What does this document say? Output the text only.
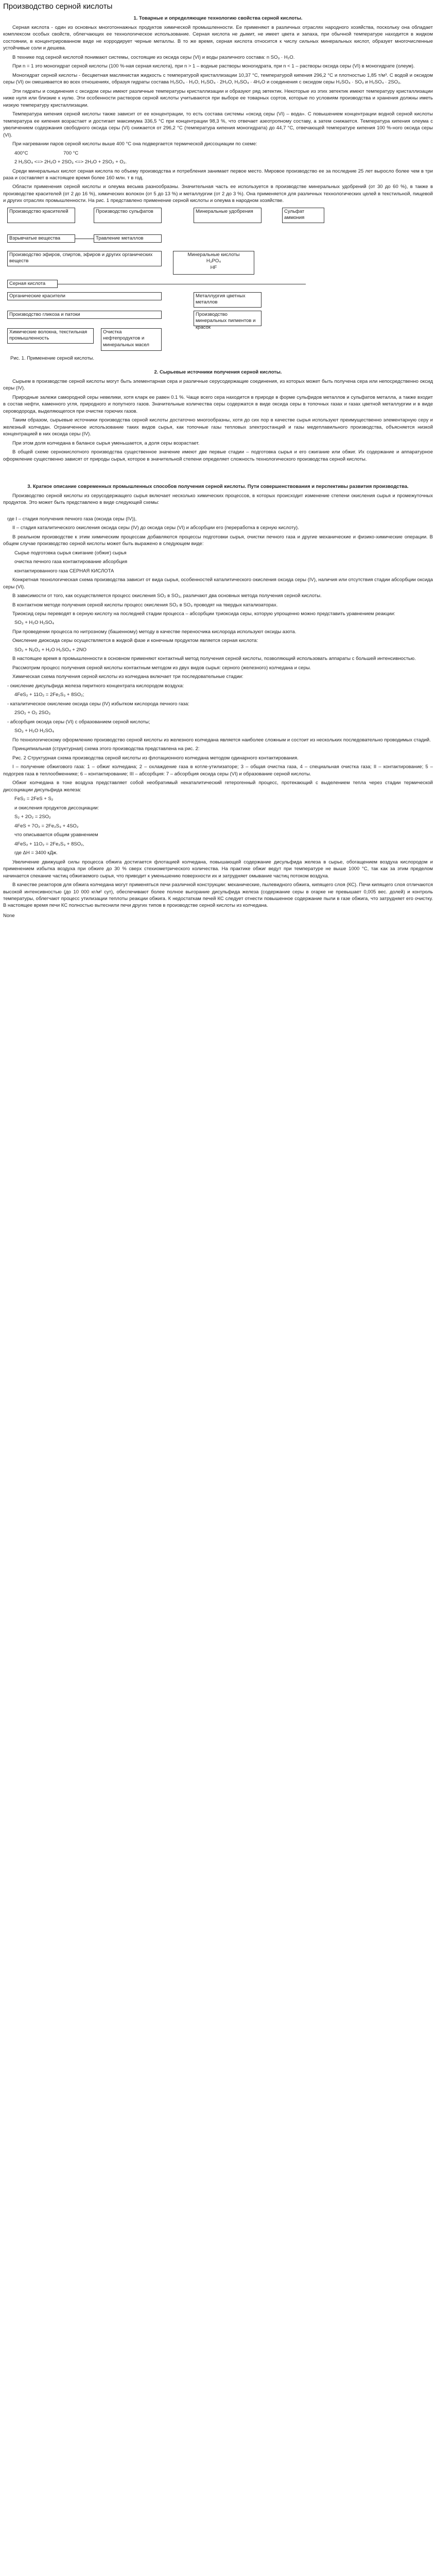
Производство серной кислоты
1. Товарные и определяющие технологию свойства серной кислоты.

Серная кислота - один из основных многотоннажных продуктов химической промышленности. Ее применяют в различных отраслях народного хозяйства, поскольку она обладает комплексом особых свойств, облегчающих ее технологическое использование. Серная кислота не дымит, не имеет цвета и запаха, при обычной температуре находится в жидком состоянии, в концентрированном виде не корродирует черные металлы. В то же время, серная кислота относится к числу сильных минеральных кислот, образует многочисленные устойчивые соли и дешева.

В технике под серной кислотой понимают системы, состоящие из оксида серы (VI) и воды различного состава: n SO₃ · H₂O.

При n = 1 это моногидрат серной кислоты (100 %-ная серная кислота), при n > 1 – водные растворы моногидрата, при n < 1 – растворы оксида серы (VI) в моногидрате (олеум).

Моногидрат серной кислоты - бесцветная маслянистая жидкость с температурой кристаллизации 10,37 °С, температурой кипения 296,2 °С и плотностью 1,85 т/м³. С водой и оксидом серы (VI) он смешивается во всех отношениях, образуя гидраты состава H₂SO₄ · H₂O, H₂SO₄ · 2H₂O, H₂SO₄ · 4H₂O и соединения с оксидом серы H₂SO₄ · SO₃ и H₂SO₄ · 2SO₃.

Эти гидраты и соединения с оксидом серы имеют различные температуры кристаллизации и образуют ряд эвтектик. Некоторые из этих эвтектик имеют температуру кристаллизации ниже нуля или близкие к нулю. Эти особенности растворов серной кислоты учитываются при выборе ее товарных сортов, которые по условиям производства и хранения должны иметь низкую температуру кристаллизации.

Температура кипения серной кислоты также зависит от ее концентрации, то есть состава системы «оксид серы (VI) – вода». С повышением концентрации водной серной кислоты температура ее кипения возрастает и достигает максимума 336,5 °С при концентрации 98,3 %, что отвечает азеотропному составу, а затем снижается. Температура кипения олеума с увеличением содержания свободного оксида серы (VI) снижается от 296,2 °С (температура кипения моногидрата) до 44,7 °С, отвечающей температуре кипения 100 %-ного оксида серы (VI).

При нагревании паров серной кислоты выше 400 °С она подвергается термической диссоциации по схеме:

400°С                          700 °С

2 H₂SO₄ <=> 2H₂O + 2SO₃ <=> 2H₂O + 2SO₂ + O₂.

Среди минеральных кислот серная кислота по объему производства и потребления занимает первое место. Мировое производство ее за последние 25 лет выросло более чем в три раза и составляет в настоящее время более 160 млн. т в год.

Области применения серной кислоты и олеума весьма разнообразны. Значительная часть ее используется в производстве минеральных удобрений (от 30 до 60 %), в также в производстве красителей (от 2 до 16 %), химических волокон (от 5 до 13 %) и металлургии (от 2 до 3 %). Она применяется для различных технологических целей в текстильной, пищевой и других отраслях промышленности. На рис. 1 представлено применение серной кислоты и олеума в народном хозяйстве.

Производство красителей	Производство сульфатов	Минеральные удобрения	Сульфат аммония
Взрывчатые вещества	Травление металлов
Производство эфиров, спиртов, эфиров и других органических веществ
Минеральные кислоты
H₃PO₄
HF
Серная кислота
Органические красители	Металлургия цветных металлов
Производство гликоза и патоки	Производство минеральных пигментов и красок
Химические волокна, текстильная промышленность
Очистка нефтепродуктов и минеральных масел

Рис. 1. Применение серной кислоты.

2. Сырьевые источники получения серной кислоты.

Сырьем в производстве серной кислоты могут быть элементарная сера и различные серусодержащие соединения, из которых может быть получена сера или непосредственно оксид серы (IV).

Природные залежи самородной серы невелики, хотя кларк ее равен 0.1 %. Чаще всего сера находится в природе в форме сульфидов металлов и сульфатов металла, а также входит в состав нефти, каменного угля, природного и попутного газов. Значительные количества серы содержатся в виде оксида серы в топочных газах и газах цветной металлургии и в виде сероводорода, выделяющегося при очистке горючих газов.

Таким образом, сырьевые источники производства серной кислоты достаточно многообразны, хотя до сих пор в качестве сырья используют преимущественно элементарную серу и железный колчедан. Ограниченное использование таких видов сырья, как топочные газы тепловых электростанций и газы медеплавильного производства, объясняется низкой концентрацией в них оксида серы (IV).

При этом доля колчедана в балансе сырья уменьшается, а доля серы возрастает.

В общей схеме сернокислотного производства существенное значение имеют две первые стадии – подготовка сырья и его сжигание или обжиг. Их содержание и аппаратурное оформление существенно зависят от природы сырья, которое в значительной степени определяет сложность технологического производства серной кислоты.

3. Краткое описание современных промышленных способов получения серной кислоты. Пути совершенствования и перспективы развития производства.

Производство серной кислоты из серусодержащего сырья включает несколько химических процессов, в которых происходит изменение степени окисления сырья и промежуточных продуктов. Это может быть представлено в виде следующей схемы:

где I – стадия получения печного газа (оксида серы (IV)),

II – стадия каталитического окисления оксида серы (IV) до оксида серы (VI) и абсорбции его (переработка в серную кислоту).

В реальном производстве к этим химическим процессам добавляются процессы подготовки сырья, очистки печного газа и другие механические и физико-химические операции. В общем случае производство серной кислоты может быть выражено в следующем виде:

Сырье подготовка сырья сжигание (обжиг) сырья

очистка печного газа контактирование абсорбция

контактированного газа СЕРНАЯ КИСЛОТА

Конкретная технологическая схема производства зависит от вида сырья, особенностей каталитического окисления оксида серы (IV), наличия или отсутствия стадии абсорбции оксида серы (VI).

В зависимости от того, как осуществляется процесс окисления SO₂ в SO₃, различают два основных метода получения серной кислоты.

В контактном методе получения серной кислоты процесс окисления SO₂ в SO₃ проводят на твердых катализаторах.

Триоксид серы переводят в серную кислоту на последней стадии процесса – абсорбции триоксида серы, которую упрощенно можно представить уравнением реакции:

SO₃ + H₂O H₂SO₄

При проведении процесса по нитрозному (башенному) методу в качестве переносчика кислорода используют оксиды азота.

Окисление диоксида серы осуществляется в жидкой фазе и конечным продуктом является серная кислота:

SO₂ + N₂O₃ + H₂O H₂SO₄ + 2NO

В настоящее время в промышленности в основном применяют контактный метод получения серной кислоты, позволяющий использовать аппараты с большей интенсивностью.

Рассмотрим процесс получения серной кислоты контактным методом из двух видов сырья: серного (железного) колчедана и серы.

Химическая схема получения серной кислоты из колчедана включает три последовательные стадии:

- окисление дисульфида железа пиритного концентрата кислородом воздуха:

4FeS₂ + 11O₂ = 2Fe₂S₃ + 8SO₂;

- каталитическое окисление оксида серы (IV) избытком кислорода печного газа:

2SO₂ + O₂ 2SO₃

- абсорбция оксида серы (VI) с образованием серной кислоты;

SO₃ + H₂O H₂SO₄

По технологическому оформлению производство серной кислоты из железного колчедана является наиболее сложным и состоит из нескольких последовательно проводимых стадий.

Принципиальная (структурная) схема этого производства представлена на рис. 2:

Рис. 2 Структурная схема производства серной кислоты из флотационного колчедана методом одинарного контактирования.

I – получение обжигового газа: 1 – обжиг колчедана; 2 – охлаждение газа в котле-утилизаторе; 3 – общая очистка газа, 4 – специальная очистка газа; II – контактирование; 5 – подогрев газа в теплообменнике; 6 – контактирование; III – абсорбция: 7 – абсорбция оксида серы (VI) и образование серной кислоты.

Обжиг колчедана в токе воздуха представляет собой необратимый некаталитический гетерогенный процесс, протекающий с выделением тепла через стадии термической диссоциации дисульфида железа:

FeS₂ = 2FeS + S₂

и окисления продуктов диссоциации:

S₂ + 2O₂ = 2SO₂

4FeS + 7O₂ = 2Fe₂S₃ + 4SO₂

что описывается общим уравнением

4FeS₂ + 11O₂ = 2Fe₂S₃ + 8SO₂,

где ΔН = 3400 кДж.

Увеличение движущей силы процесса обжига достигается флотацией колчедана, повышающей содержание дисульфида железа в сырье, обогащением воздуха кислородом и применением избытка воздуха при обжиге до 30 % сверх стехиометрического количества. На практике обжиг ведут при температуре не выше 1000 °С, так как за этим пределом начинается спекание частиц обжигаемого сырья, что приводит к уменьшению поверхности их и затрудняет омывание частиц потоком воздуха.

В качестве реакторов для обжига колчедана могут применяться печи различной конструкции: механические, пылевидного обжига, кипящего слоя (КС). Печи кипящего слоя отличаются высокой интенсивностью (до 10 000 кг/м² сут), обеспечивают более полное выгорание дисульфида железа (содержание серы в огарке не превышает 0,005 вес. долей) и контроль температуры, облегчают процесс утилизации теплоты реакции обжига. К недостаткам печей КС следует отнести повышенное содержание пыли в газе обжига, что затрудняет его очистку. В настоящее время печи КС полностью вытеснили печи других типов в производстве серной кислоты из колчедана.

None
